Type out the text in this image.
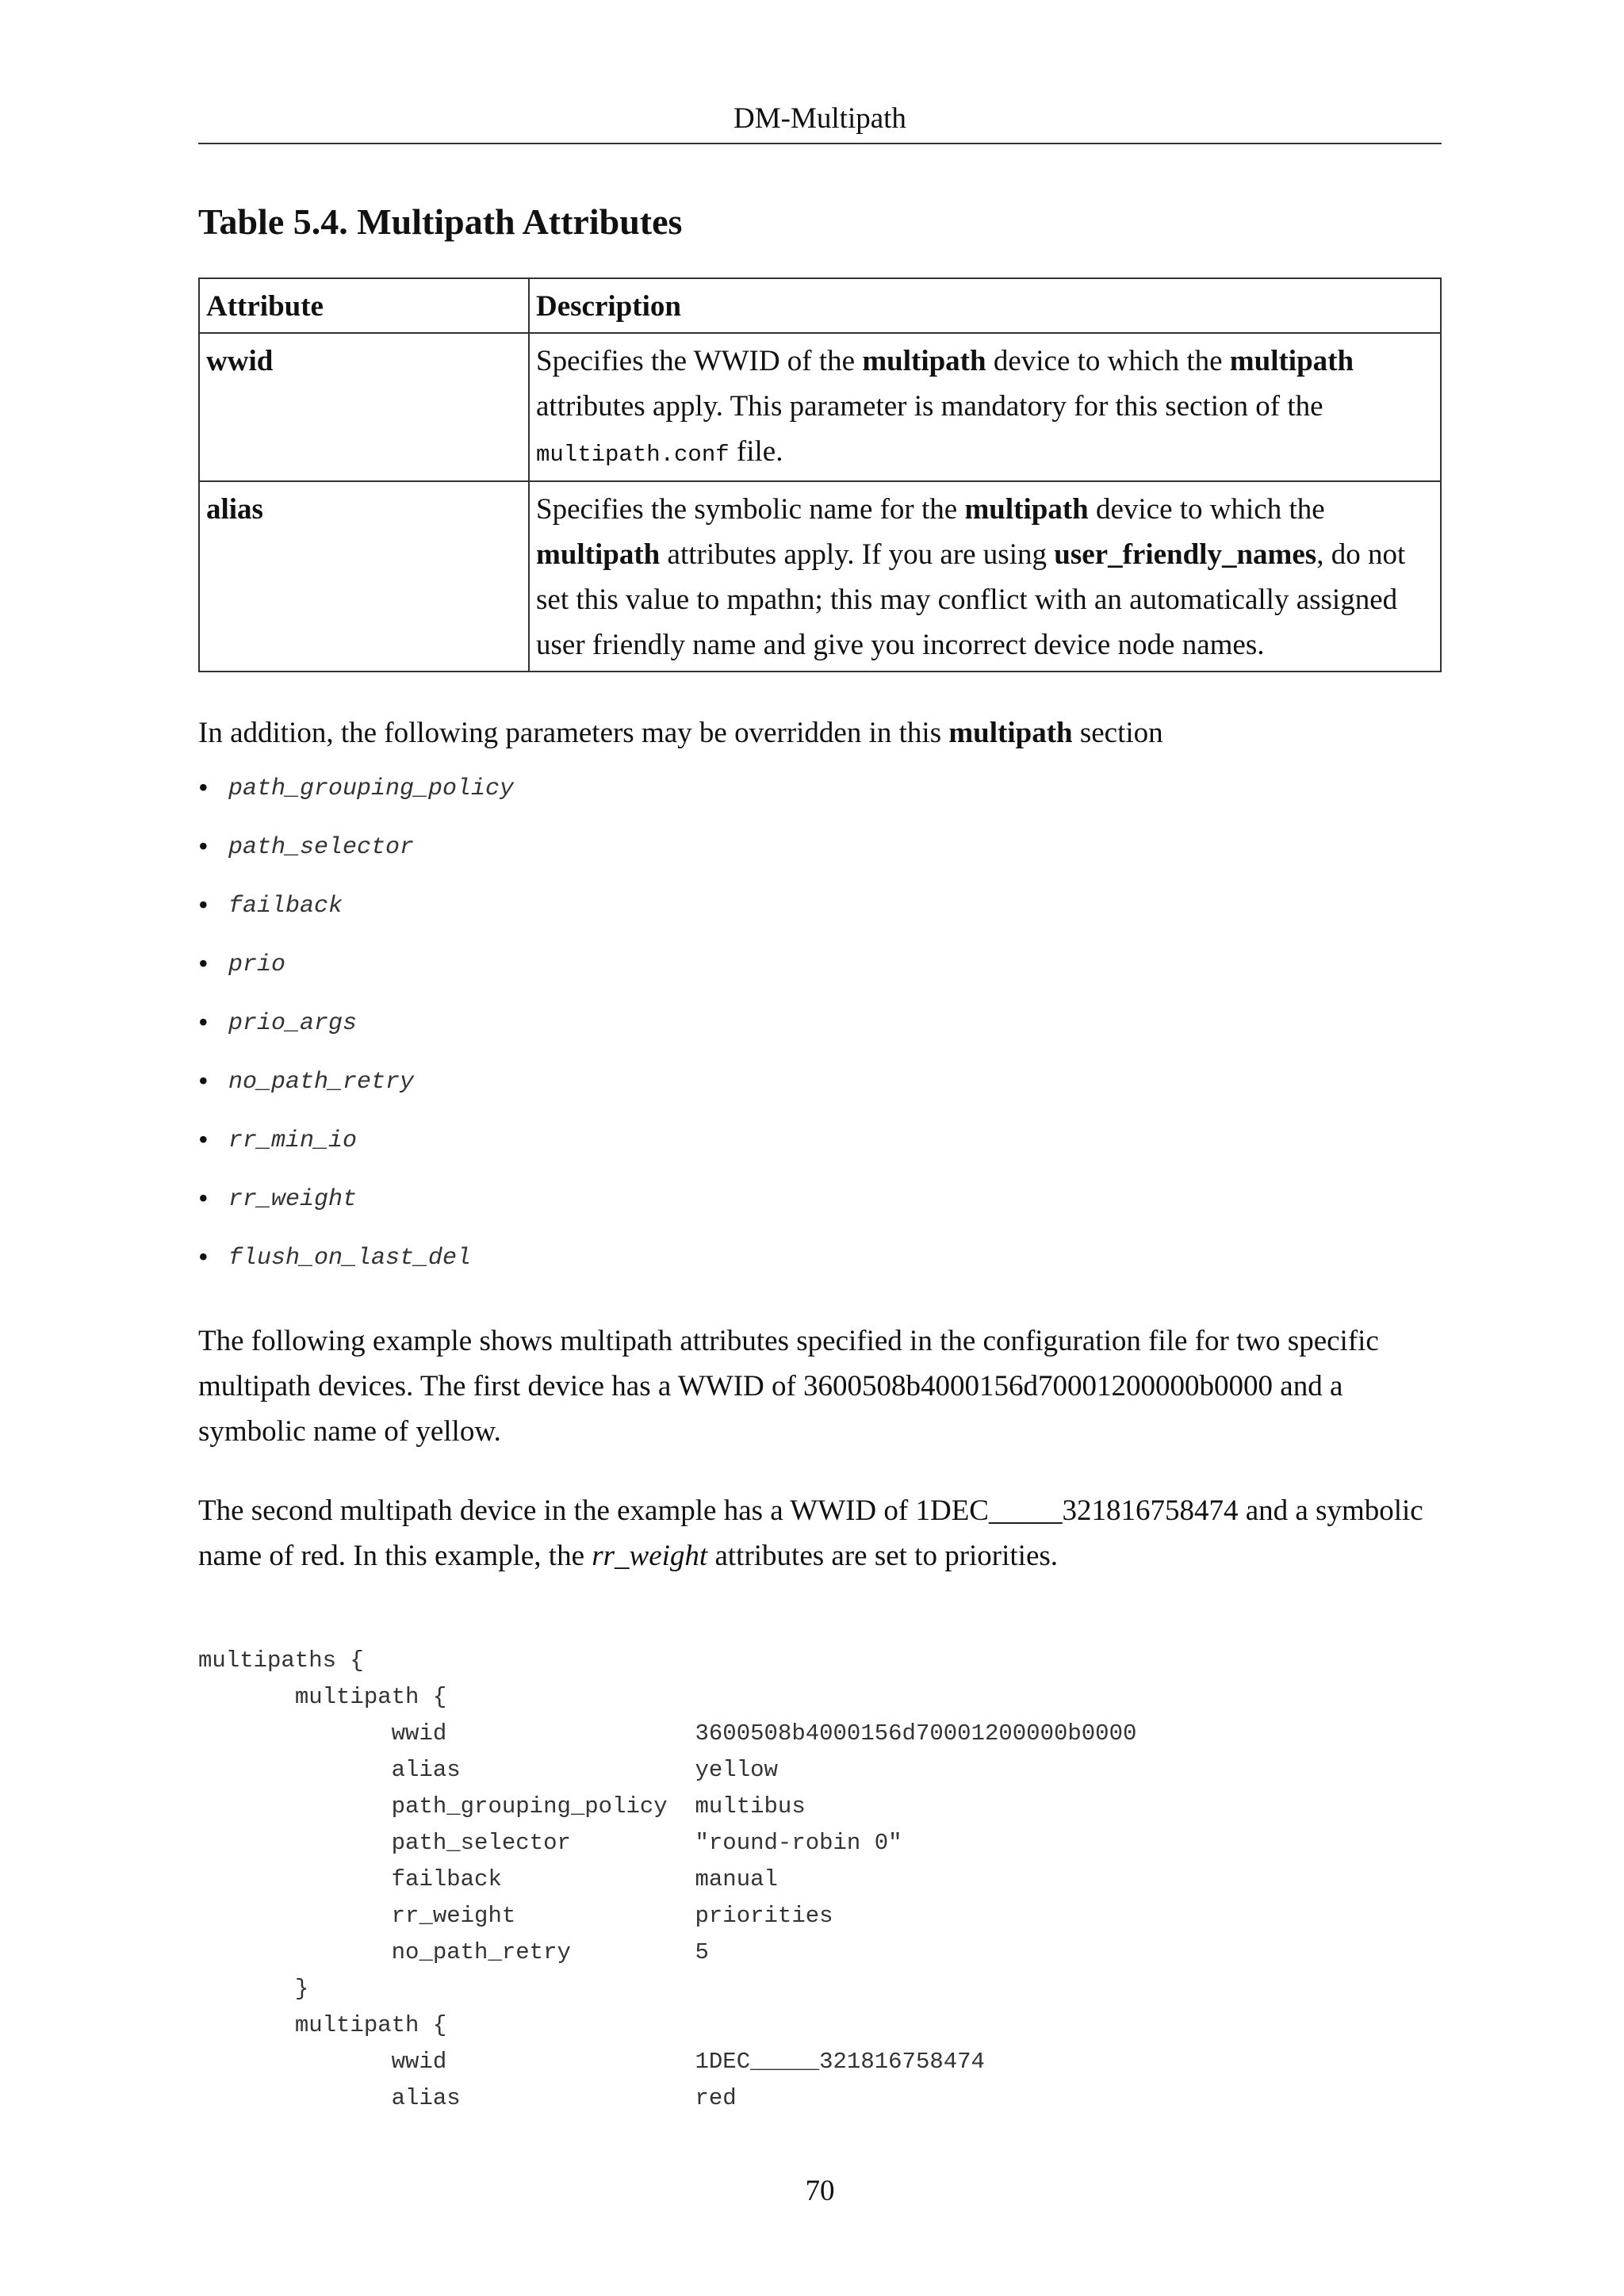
DM-Multipath
Table 5.4. Multipath Attributes
Attribute	Description
wwid	Specifies the WWID of the multipath device to which the multipath attributes apply. This parameter is mandatory for this section of the multipath.conf file.
alias	Specifies the symbolic name for the multipath device to which the multipath attributes apply. If you are using user_friendly_names, do not set this value to mpathn; this may conflict with an automatically assigned user friendly name and give you incorrect device node names.

In addition, the following parameters may be overridden in this multipath section

• path_grouping_policy
• path_selector
• failback
• prio
• prio_args
• no_path_retry
• rr_min_io
• rr_weight
• flush_on_last_del

The following example shows multipath attributes specified in the configuration file for two specific multipath devices. The first device has a WWID of 3600508b4000156d70001200000b0000 and a symbolic name of yellow.

The second multipath device in the example has a WWID of 1DEC_____321816758474 and a symbolic name of red. In this example, the rr_weight attributes are set to priorities.

multipaths {
multipath {
wwid                  3600508b4000156d70001200000b0000
alias                 yellow
path_grouping_policy  multibus
path_selector         "round-robin 0"
failback              manual
rr_weight             priorities
no_path_retry         5
}
multipath {
wwid                  1DEC_____321816758474
alias                 red
70
